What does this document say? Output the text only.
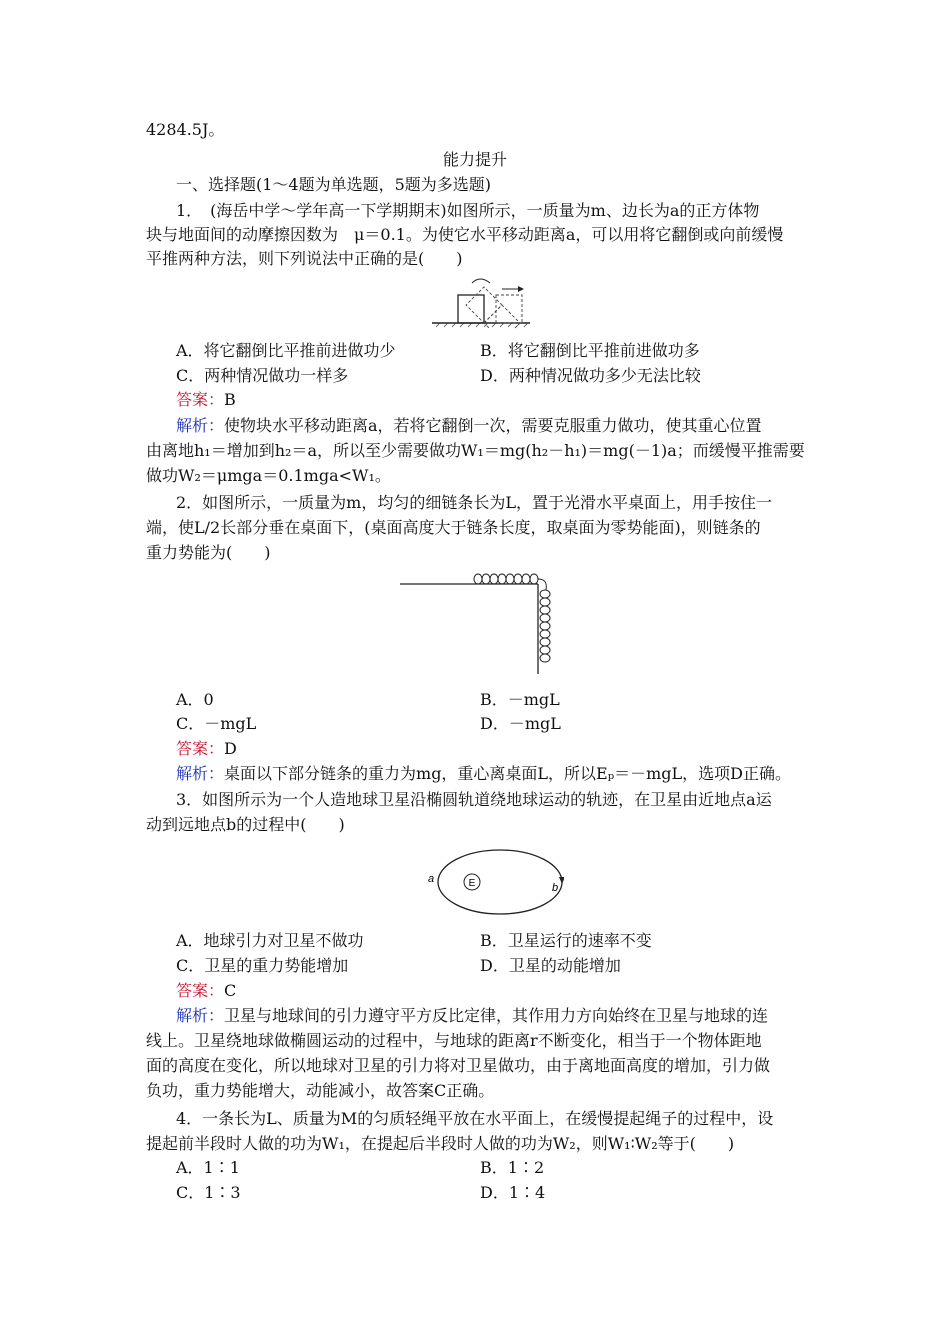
4284.5J。
能力提升
一、选择题(1～4题为单选题，5题为多选题)
1．　(海岳中学～学年高一下学期期末)如图所示，一质量为m、边长为a的正方体物
块与地面间的动摩擦因数为　μ＝0.1。为使它水平移动距离a，可以用将它翻倒或向前缓慢
平推两种方法，则下列说法中正确的是(　　)
A．将它翻倒比平推前进做功少	B．将它翻倒比平推前进做功多
C．两种情况做功一样多	D．两种情况做功多少无法比较
答案：B
解析：使物块水平移动距离a，若将它翻倒一次，需要克服重力做功，使其重心位置
由离地h₁＝增加到h₂＝a，所以至少需要做功W₁＝mg(h₂－h₁)＝mg(－1)a；而缓慢平推需要
做功W₂＝μmga＝0.1mga<W₁。
2．如图所示，一质量为m，均匀的细链条长为L，置于光滑水平桌面上，用手按住一
端，使L/2长部分垂在桌面下，(桌面高度大于链条长度，取桌面为零势能面)，则链条的
重力势能为(　　)
A．0	B．－mgL
C．－mgL	D．－mgL
答案：D
解析：桌面以下部分链条的重力为mg，重心离桌面L，所以Eₚ＝－mgL，选项D正确。
3．如图所示为一个人造地球卫星沿椭圆轨道绕地球运动的轨迹，在卫星由近地点a运
动到远地点b的过程中(　　)
E
a
b
A．地球引力对卫星不做功	B．卫星运行的速率不变
C．卫星的重力势能增加	D．卫星的动能增加
答案：C
解析：卫星与地球间的引力遵守平方反比定律，其作用力方向始终在卫星与地球的连
线上。卫星绕地球做椭圆运动的过程中，与地球的距离r不断变化，相当于一个物体距地
面的高度在变化，所以地球对卫星的引力将对卫星做功，由于离地面高度的增加，引力做
负功，重力势能增大，动能减小，故答案C正确。
4．一条长为L、质量为M的匀质轻绳平放在水平面上，在缓慢提起绳子的过程中，设
提起前半段时人做的功为W₁，在提起后半段时人做的功为W₂，则W₁∶W₂等于(　　)
A．1∶1	B．1∶2
C．1∶3	D．1∶4
